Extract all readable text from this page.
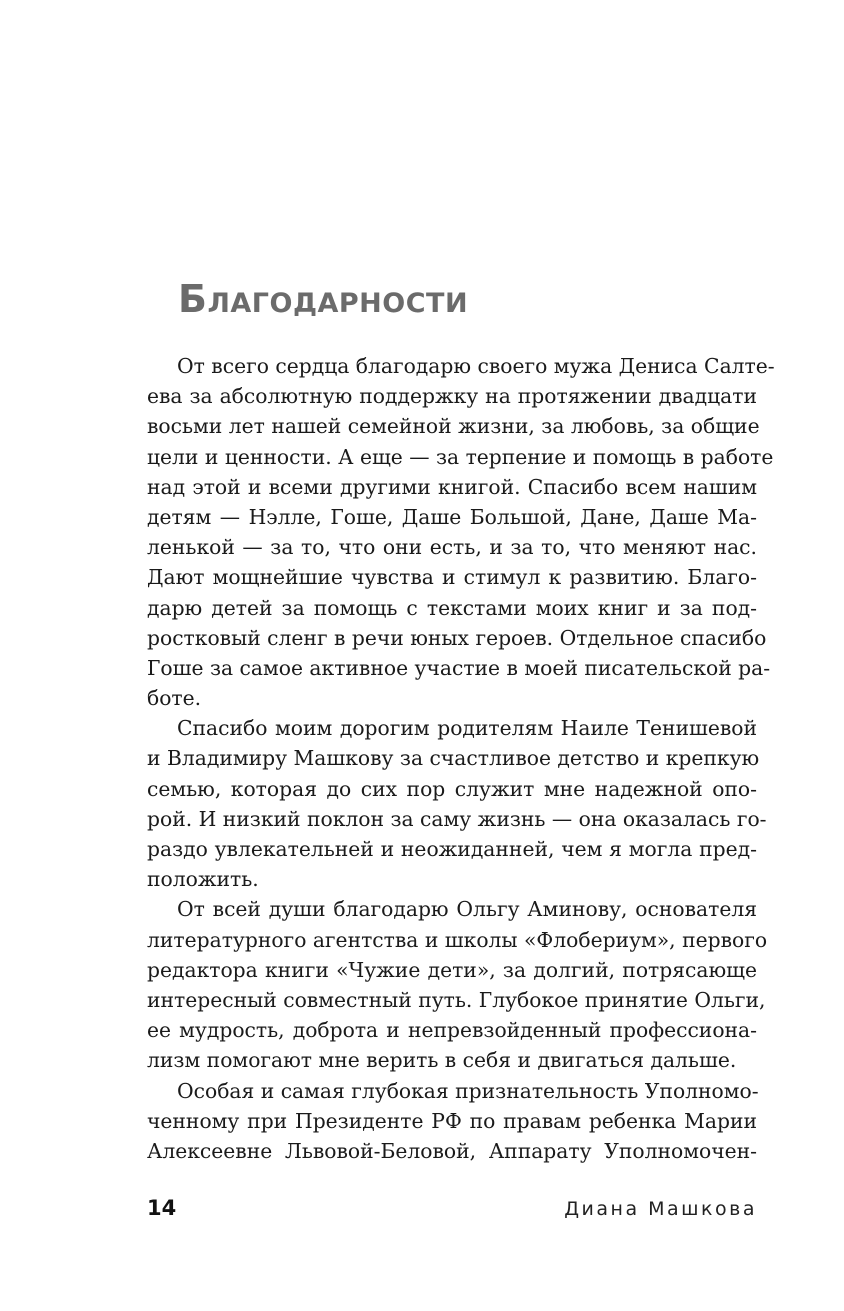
Благодарности
От всего сердца благодарю своего мужа Дениса Салте-
ева за абсолютную поддержку на протяжении двадцати
восьми лет нашей семейной жизни, за любовь, за общие
цели и ценности. А еще — за терпение и помощь в работе
над этой и всеми другими книгой. Спасибо всем нашим
детям — Нэлле, Гоше, Даше Большой, Дане, Даше Ма-
ленькой — за то, что они есть, и за то, что меняют нас.
Дают мощнейшие чувства и стимул к развитию. Благо-
дарю детей за помощь с текстами моих книг и за под-
ростковый сленг в речи юных героев. Отдельное спасибо
Гоше за самое активное участие в моей писательской ра-
боте.
Спасибо моим дорогим родителям Наиле Тенишевой
и Владимиру Машкову за счастливое детство и крепкую
семью, которая до сих пор служит мне надежной опо-
рой. И низкий поклон за саму жизнь — она оказалась го-
раздо увлекательней и неожиданней, чем я могла пред-
положить.
От всей души благодарю Ольгу Аминову, основателя
литературного агентства и школы «Флобериум», первого
редактора книги «Чужие дети», за долгий, потрясающе
интересный совместный путь. Глубокое принятие Ольги,
ее мудрость, доброта и непревзойденный профессиона-
лизм помогают мне верить в себя и двигаться дальше.
Особая и самая глубокая признательность Уполномо-
ченному при Президенте РФ по правам ребенка Марии
Алексеевне Львовой-Беловой, Аппарату Уполномочен-
14	Диана Машкова
